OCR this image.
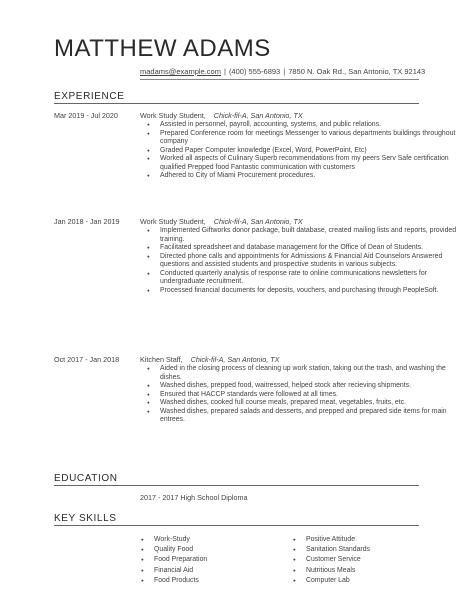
MATTHEW ADAMS
madams@example.com | (400) 555-6893 | 7850 N. Oak Rd., San Antonio, TX 92143
EXPERIENCE
Mar 2019 - Jul 2020	Work Study Student, Chick-fil-A, San Antonio, TX
● Assisted in personnel, payroll, accounting, systems, and public relations.
● Prepared Conference room for meetings Messenger to various departments buildings throughout company
● Graded Paper Computer knowledge (Excel, Word, PowerPoint, Etc)
● Worked all aspects of Culinary Superb recommendations from my peers Serv Safe certification qualified Prepped food Fantastic communication with customers
● Adhered to City of Miami Procurement procedures.
Jan 2018 - Jan 2019	Work Study Student, Chick-fil-A, San Antonio, TX
● Implemented Giftworks donor package, built database, created mailing lists and reports, provided training.
● Facilitated spreadsheet and database management for the Office of Dean of Students.
● Directed phone calls and appointments for Admissions & Financial Aid Counselors Answered questions and assisted students and prospective students in various subjects.
● Conducted quarterly analysis of response rate to online communications newsletters for undergraduate recruitment.
● Processed financial documents for deposits, vouchers, and purchasing through PeopleSoft.
Oct 2017 - Jan 2018	Kitchen Staff, Chick-fil-A, San Antonio, TX
● Aided in the closing process of cleaning up work station, taking out the trash, and washing the dishes.
● Washed dishes, prepped food, waitressed, helped stock after recieving shipments.
● Ensured that HACCP standards were followed at all times.
● Washed dishes, cooked full course meals, prepared meat, vegetables, fruits, etc.
● Washed dishes, prepared salads and desserts, and prepped and prepared side items for main entrees.
EDUCATION
2017 - 2017 High School Diploma
KEY SKILLS
● Work-Study
● Quality Food
● Food Preparation
● Financial Aid
● Food Products
● Positive Attitude
● Sanitation Standards
● Customer Service
● Nutritious Meals
● Computer Lab
